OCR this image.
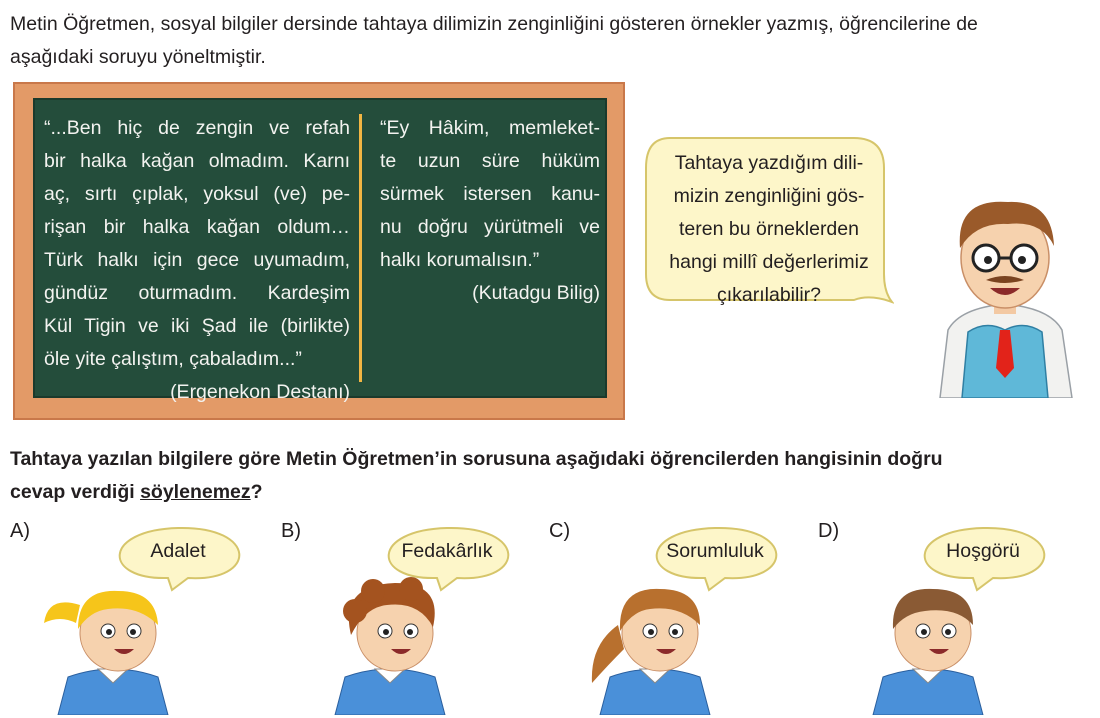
Metin Öğretmen, sosyal bilgiler dersinde tahtaya dilimizin zenginliğini gösteren örnekler yazmış, öğrencilerine de
aşağıdaki soruyu yöneltmiştir.

“...Ben hiç de zengin ve refah
bir halka kağan olmadım. Karnı
aç, sırtı çıplak, yoksul (ve) pe-
rişan bir halka kağan oldum…
Türk halkı için gece uyumadım,
gündüz oturmadım. Kardeşim
Kül Tigin ve iki Şad ile (birlikte)
öle yite çalıştım, çabaladım...”
(Ergenekon Destanı)
“Ey Hâkim, memleket-
te uzun süre hüküm
sürmek istersen kanu-
nu doğru yürütmeli ve
halkı korumalısın.”
(Kutadgu Bilig)
Tahtaya yazdığım dili-
mizin zenginliğini gös-
teren bu örneklerden
hangi millî değerlerimiz
çıkarılabilir?

Tahtaya yazılan bilgilere göre Metin Öğretmen’in sorusuna aşağıdaki öğrencilerden hangisinin doğru
cevap verdiği söylenemez?

A)
Adalet
B)
Fedakârlık
C)
Sorumluluk
D)
Hoşgörü
